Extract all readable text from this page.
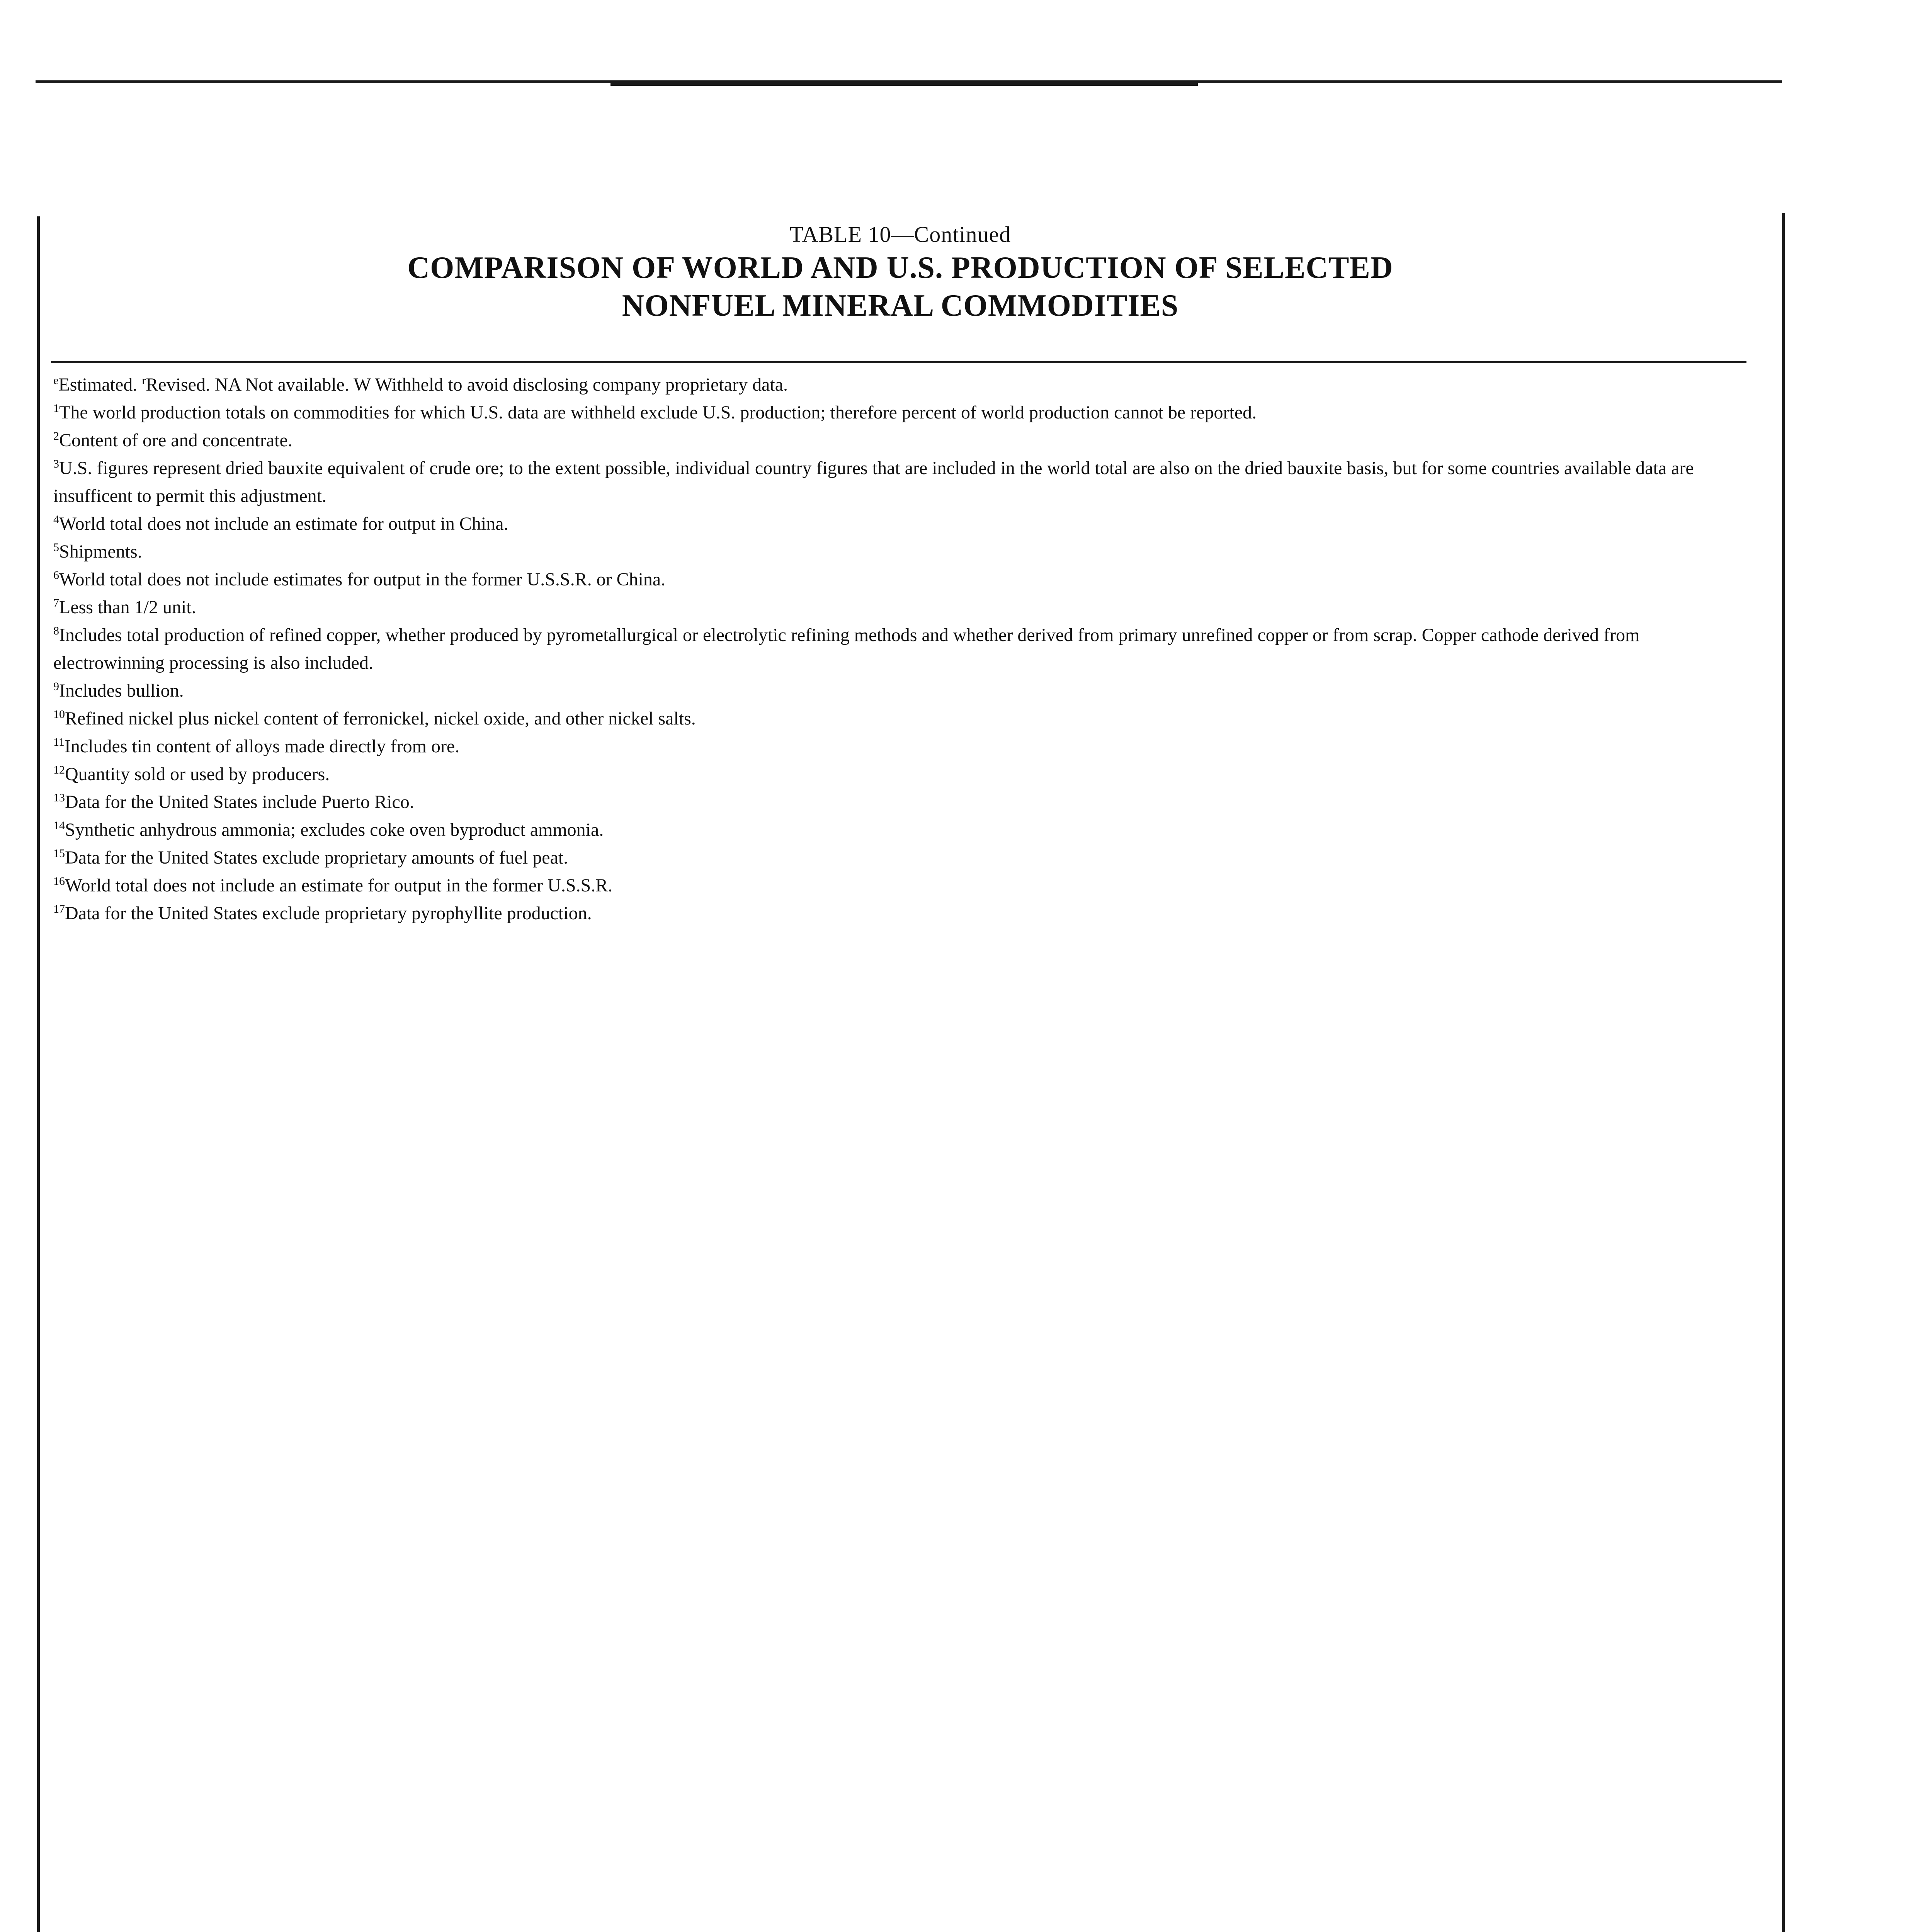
TABLE 10—Continued
COMPARISON OF WORLD AND U.S. PRODUCTION OF SELECTED
NONFUEL MINERAL COMMODITIES

$^e$Estimated. $^r$Revised. NA Not available. W Withheld to avoid disclosing company proprietary data.

$^1$The world production totals on commodities for which U.S. data are withheld exclude U.S. production; therefore percent of world production cannot be reported.

$^2$Content of ore and concentrate.

$^3$U.S. figures represent dried bauxite equivalent of crude ore; to the extent possible, individual country figures that are included in the world total are also on the dried bauxite basis, but for some countries available data are insufficent to permit this adjustment.

$^4$World total does not include an estimate for output in China.

$^5$Shipments.

$^6$World total does not include estimates for output in the former U.S.S.R. or China.

$^7$Less than 1/2 unit.

$^8$Includes total production of refined copper, whether produced by pyrometallurgical or electrolytic refining methods and whether derived from primary unrefined copper or from scrap. Copper cathode derived from electrowinning processing is also included.

$^9$Includes bullion.

$^{10}$Refined nickel plus nickel content of ferronickel, nickel oxide, and other nickel salts.

$^{11}$Includes tin content of alloys made directly from ore.

$^{12}$Quantity sold or used by producers.

$^{13}$Data for the United States include Puerto Rico.

$^{14}$Synthetic anhydrous ammonia; excludes coke oven byproduct ammonia.

$^{15}$Data for the United States exclude proprietary amounts of fuel peat.

$^{16}$World total does not include an estimate for output in the former U.S.S.R.

$^{17}$Data for the United States exclude proprietary pyrophyllite production.
